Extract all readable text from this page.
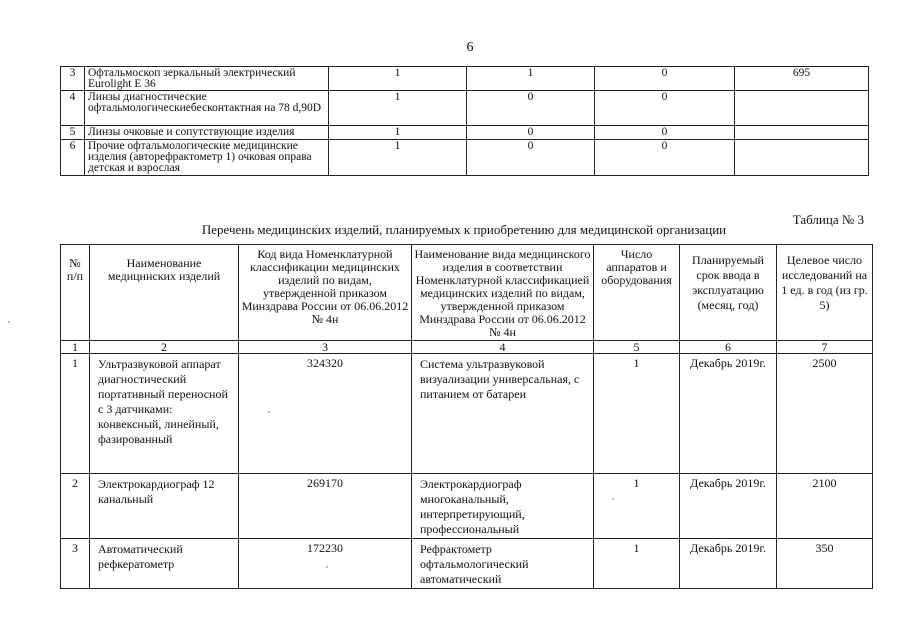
6
3	Офтальмоскоп зеркальный электрический Eurolight E 36	1	1	0	695
4	Линзы диагностические офтальмологическиебесконтактная на 78 d,90D	1	0	0	
5	Линзы очковые и сопутствующие изделия	1	0	0	
6	Прочие офтальмологические медицинские изделия (авторефрактометр 1) очковая оправа детская и взрослая	1	0	0	
Таблица № 3
Перечень медицинских изделий, планируемых к приобретению для медицинской организации
№ п/п	Наименование медицинских изделий	Код вида Номенклатурной классификации медицинских изделий по видам, утвержденной приказом Минздрава России от 06.06.2012 № 4н	Наименование вида медицинского изделия в соответствии Номенклатурной классификацией медицинских изделий по видам, утвержденной приказом Минздрава России от 06.06.2012 № 4н	Число аппаратов и оборудования	Планируемый срок ввода в эксплуатацию (месяц, год)	Целевое число исследований на 1 ед. в год (из гр. 5)
1	2	3	4	5	6	7
1	Ультразвуковой аппарат диагностический портативный переносной с 3 датчиками: конвексный, линейный, фазированный	324320	Система ультразвуковой визуализации универсальная, с питанием от батареи	1	Декабрь 2019г.	2500
2	Электрокардиограф 12 канальный	269170	Электрокардиограф многоканальный, интерпретирующий, профессиональный	1	Декабрь 2019г.	2100
3	Автоматический рефкератометр	172230	Рефрактометр офтальмологический автоматический	1	Декабрь 2019г.	350
